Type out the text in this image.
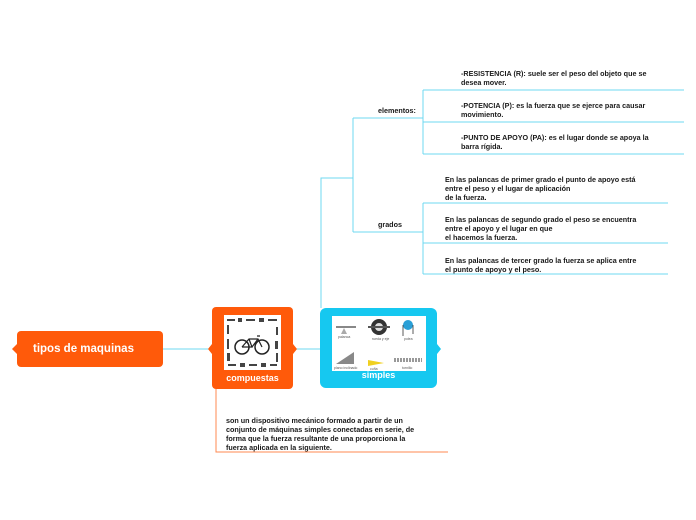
tipos de maquinas
compuestas
palanca	rueda y eje	polea
plano inclinado	cuña	tornillo
simples
elementos:
-RESISTENCIA (R): suele ser el peso del objeto que se
desea mover.
-POTENCIA (P): es la fuerza que se ejerce para causar
movimiento.
-PUNTO DE APOYO (PA): es el lugar donde se apoya la
barra rígida.
grados
En las palancas de primer grado el punto de apoyo está
entre el peso y el lugar de aplicación
de la fuerza.
En las palancas de segundo grado el peso se encuentra
entre el apoyo y el lugar en que
el hacemos la fuerza.
En las palancas de tercer grado la fuerza se aplica entre
el punto de apoyo y el peso.
son un dispositivo mecánico formado a partir de un
conjunto de máquinas simples conectadas en serie, de
forma que la fuerza resultante de una proporciona la
fuerza aplicada en la siguiente.
